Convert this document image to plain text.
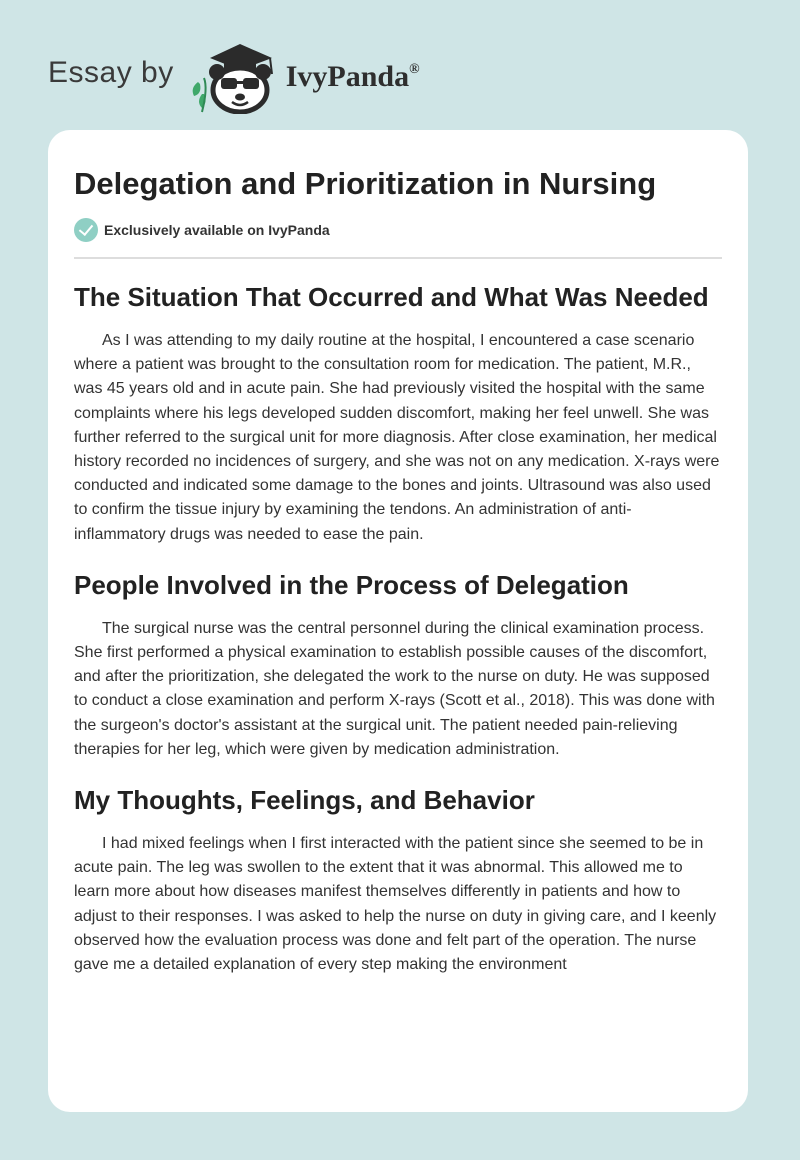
Essay by	IvyPanda®
Delegation and Prioritization in Nursing
Exclusively available on IvyPanda
The Situation That Occurred and What Was Needed

As I was attending to my daily routine at the hospital, I encountered a case scenario where a patient was brought to the consultation room for medication. The patient, M.R., was 45 years old and in acute pain. She had previously visited the hospital with the same complaints where his legs developed sudden discomfort, making her feel unwell. She was further referred to the surgical unit for more diagnosis. After close examination, her medical history recorded no incidences of surgery, and she was not on any medication. X-rays were conducted and indicated some damage to the bones and joints. Ultrasound was also used to confirm the tissue injury by examining the tendons. An administration of anti-inflammatory drugs was needed to ease the pain.

People Involved in the Process of Delegation

The surgical nurse was the central personnel during the clinical examination process. She first performed a physical examination to establish possible causes of the discomfort, and after the prioritization, she delegated the work to the nurse on duty. He was supposed to conduct a close examination and perform X-rays (Scott et al., 2018). This was done with the surgeon's doctor's assistant at the surgical unit. The patient needed pain-relieving therapies for her leg, which were given by medication administration.

My Thoughts, Feelings, and Behavior

I had mixed feelings when I first interacted with the patient since she seemed to be in acute pain. The leg was swollen to the extent that it was abnormal. This allowed me to learn more about how diseases manifest themselves differently in patients and how to adjust to their responses. I was asked to help the nurse on duty in giving care, and I keenly observed how the evaluation process was done and felt part of the operation. The nurse gave me a detailed explanation of every step making the environment
